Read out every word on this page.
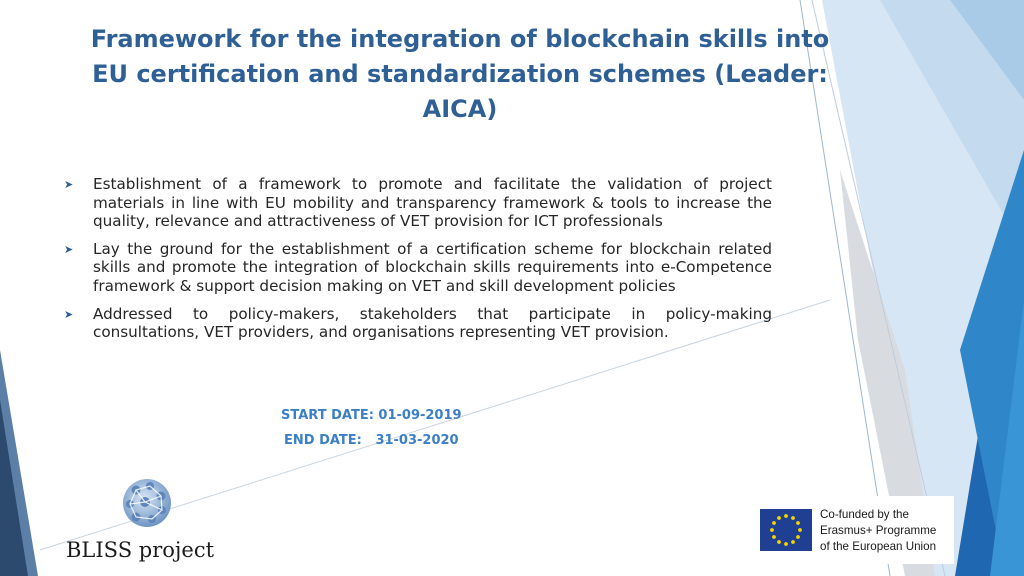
Framework for the integration of blockchain skills into
EU certification and standardization schemes (Leader:
AICA)
➤ Establishment of a framework to promote and facilitate the validation of project materials in line with EU mobility and transparency framework & tools to increase the quality, relevance and attractiveness of VET provision for ICT professionals
➤ Lay the ground for the establishment of a certification scheme for blockchain related skills and promote the integration of blockchain skills requirements into e-Competence framework & support decision making on VET and skill development policies
➤ Addressed to policy-makers, stakeholders that participate in policy-making consultations, VET providers, and organisations representing VET provision.
START DATE: 01-09-2019
END DATE:   31-03-2020
BLISS project
Co-funded by the
Erasmus+ Programme
of the European Union
